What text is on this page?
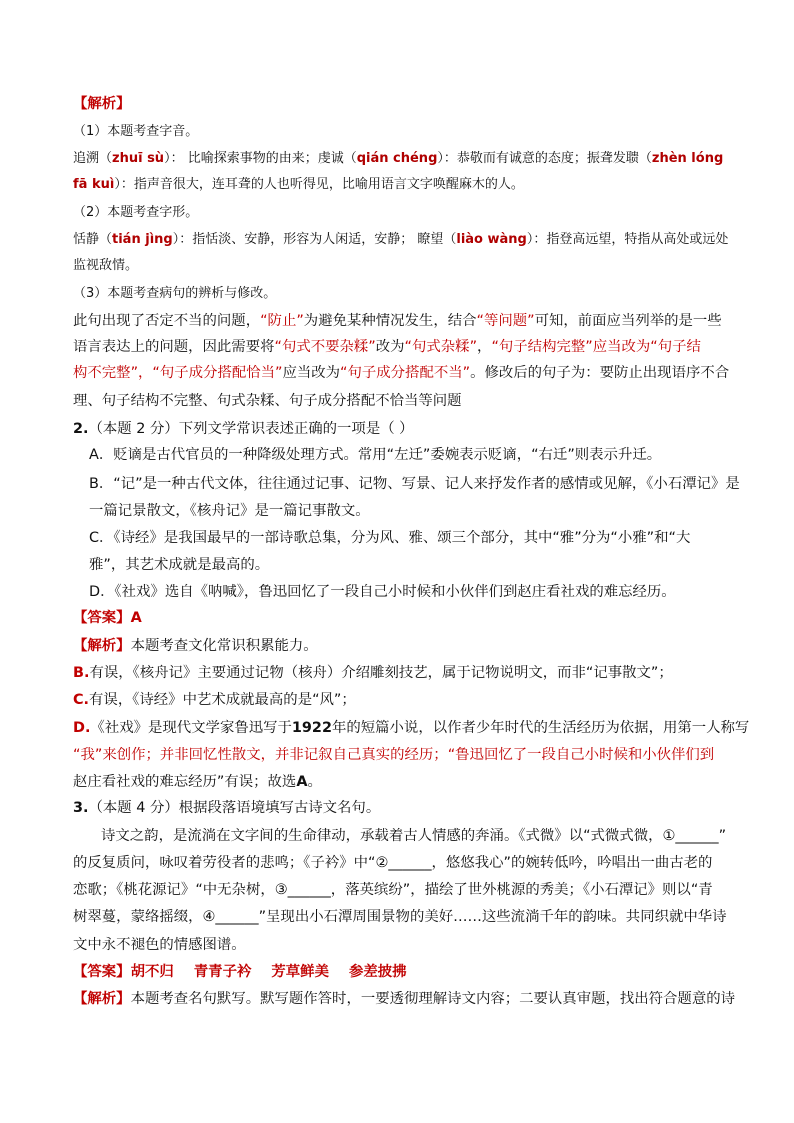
【解析】
（1）本题考查字音。
追溯（zhuī sù）： 比喻探索事物的由来；虔诚（qián chéng）：恭敬而有诚意的态度；振聋发聩（zhèn lóng
fā kuì）：指声音很大，连耳聋的人也听得见，比喻用语言文字唤醒麻木的人。
（2）本题考查字形。
恬静（tián jìng）：指恬淡、安静，形容为人闲适，安静； 瞭望（liào wàng）：指登高远望，特指从高处或远处
监视敌情。
（3）本题考查病句的辨析与修改。
此句出现了否定不当的问题，“防止”为避免某种情况发生，结合“等问题”可知，前面应当列举的是一些
语言表达上的问题，因此需要将“句式不要杂糅”改为“句式杂糅”，“句子结构完整”应当改为“句子结
构不完整”，“句子成分搭配恰当”应当改为“句子成分搭配不当”。修改后的句子为：要防止出现语序不合
理、句子结构不完整、句式杂糅、句子成分搭配不恰当等问题
2.（本题 2 分）下列文学常识表述正确的一项是（ ）
A．贬谪是古代官员的一种降级处理方式。常用“左迁”委婉表示贬谪，“右迁”则表示升迁。
B．“记”是一种古代文体，往往通过记事、记物、写景、记人来抒发作者的感情或见解，《小石潭记》是
一篇记景散文，《核舟记》是一篇记事散文。
C．《诗经》是我国最早的一部诗歌总集，分为风、雅、颂三个部分，其中“雅”分为“小雅”和“大
雅”，其艺术成就是最高的。
D．《社戏》选自《呐喊》，鲁迅回忆了一段自己小时候和小伙伴们到赵庄看社戏的难忘经历。
【答案】A
【解析】本题考查文化常识积累能力。
B.有误，《核舟记》主要通过记物（核舟）介绍雕刻技艺，属于记物说明文，而非“记事散文”；
C.有误，《诗经》中艺术成就最高的是“风”；
D.《社戏》是现代文学家鲁迅写于1922年的短篇小说，以作者少年时代的生活经历为依据，用第一人称写
“我”来创作；并非回忆性散文，并非记叙自己真实的经历；“鲁迅回忆了一段自己小时候和小伙伴们到
赵庄看社戏的难忘经历”有误；故选A。
3.（本题 4 分）根据段落语境填写古诗文名句。
诗文之韵，是流淌在文字间的生命律动，承载着古人情感的奔涌。《式微》以“式微式微，①______”
的反复质问，咏叹着劳役者的悲鸣；《子衿》中“②______，悠悠我心”的婉转低吟，吟唱出一曲古老的
恋歌；《桃花源记》“中无杂树，③______，落英缤纷”，描绘了世外桃源的秀美；《小石潭记》则以“青
树翠蔓，蒙络摇缀，④______”呈现出小石潭周围景物的美好……这些流淌千年的韵味。共同织就中华诗
文中永不褪色的情感图谱。
【答案】胡不归    青青子衿    芳草鲜美    参差披拂
【解析】本题考查名句默写。默写题作答时，一要透彻理解诗文内容；二要认真审题，找出符合题意的诗
